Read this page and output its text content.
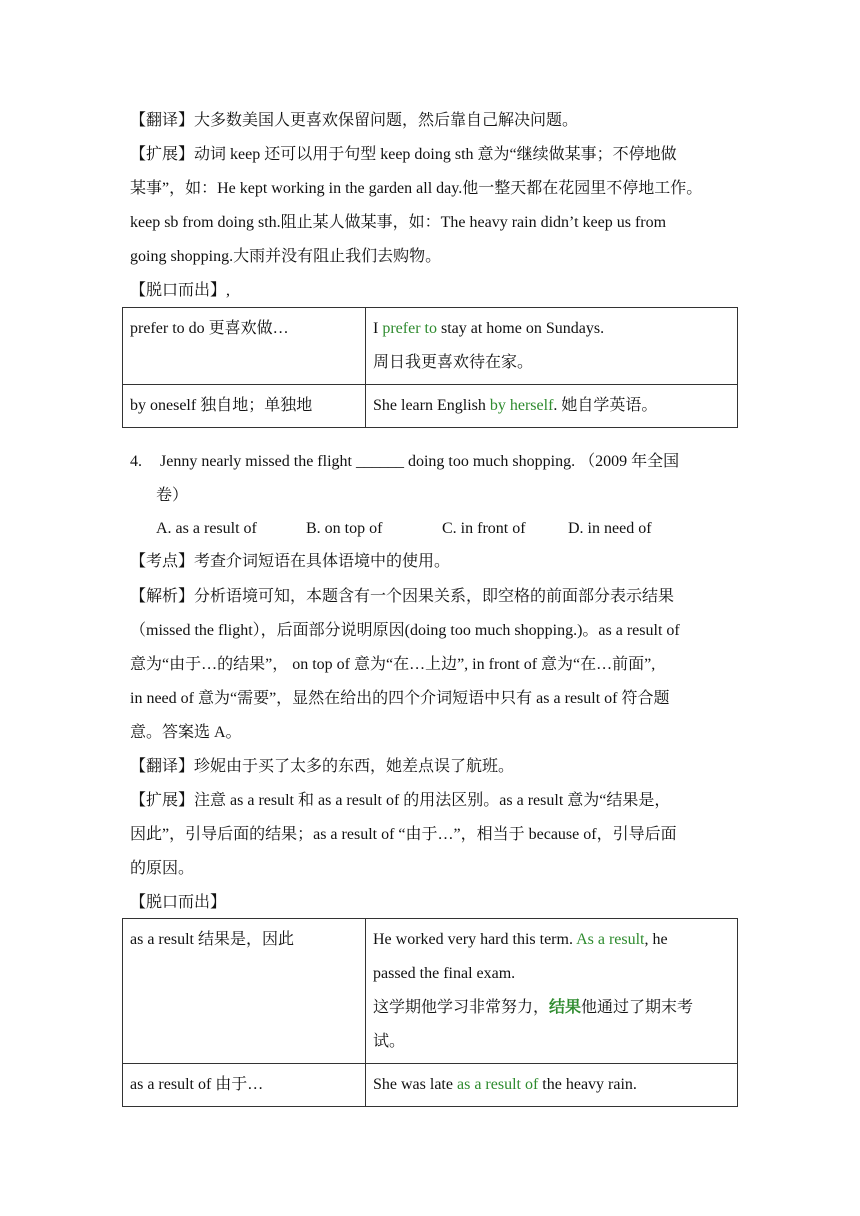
【翻译】大多数美国人更喜欢保留问题，然后靠自己解决问题。

【扩展】动词 keep 还可以用于句型 keep doing sth 意为“继续做某事；不停地做

某事”，如：He kept working in the garden all day.他一整天都在花园里不停地工作。

keep sb from doing sth.阻止某人做某事，如：The heavy rain didn’t keep us from

going shopping.大雨并没有阻止我们去购物。

【脱口而出】,

prefer to do 更喜欢做…	I prefer to stay at home on Sundays.
周日我更喜欢待在家。

by oneself 独自地；单独地	She learn English by herself. 她自学英语。

4. Jenny nearly missed the flight ______ doing too much shopping. （2009 年全国

卷）

A. as a result of	B. on top of	C. in front of	D. in need of

【考点】考查介词短语在具体语境中的使用。

【解析】分析语境可知，本题含有一个因果关系，即空格的前面部分表示结果

（missed the flight），后面部分说明原因(doing too much shopping.)。as a result of

意为“由于…的结果”， on top of 意为“在…上边”, in front of 意为“在…前面”,

in need of 意为“需要”，显然在给出的四个介词短语中只有 as a result of 符合题

意。答案选 A。

【翻译】珍妮由于买了太多的东西，她差点误了航班。

【扩展】注意 as a result 和 as a result of 的用法区别。as a result 意为“结果是，

因此”，引导后面的结果；as a result of “由于…”，相当于 because of，引导后面

的原因。

【脱口而出】

as a result 结果是，因此	He worked very hard this term. As a result, he
passed the final exam.
这学期他学习非常努力，结果他通过了期末考
试。

as a result of 由于…	She was late as a result of the heavy rain.
